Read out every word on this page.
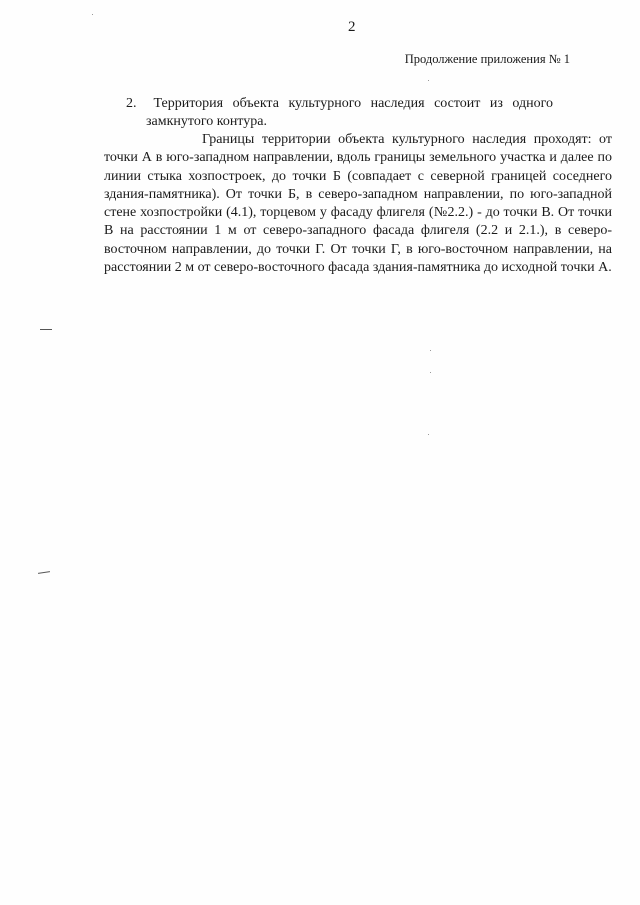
2
Продолжение приложения № 1
2. Территория объекта культурного наследия состоит из одного
замкнутого контура.

Границы территории объекта культурного наследия проходят: от точки А в юго-западном направлении, вдоль границы земельного участка и далее по линии стыка хозпостроек, до точки Б (совпадает с северной границей соседнего здания-памятника). От точки Б, в северо-западном направлении, по юго-западной стене хозпостройки (4.1), торцевом у фасаду флигеля (№2.2.) - до точки В. От точки В на расстоянии 1 м от северо-западного фасада флигеля (2.2 и 2.1.), в северо-восточном направлении, до точки Г. От точки Г, в юго-восточном направлении, на расстоянии 2 м от северо-восточного фасада здания-памятника до исходной точки А.
